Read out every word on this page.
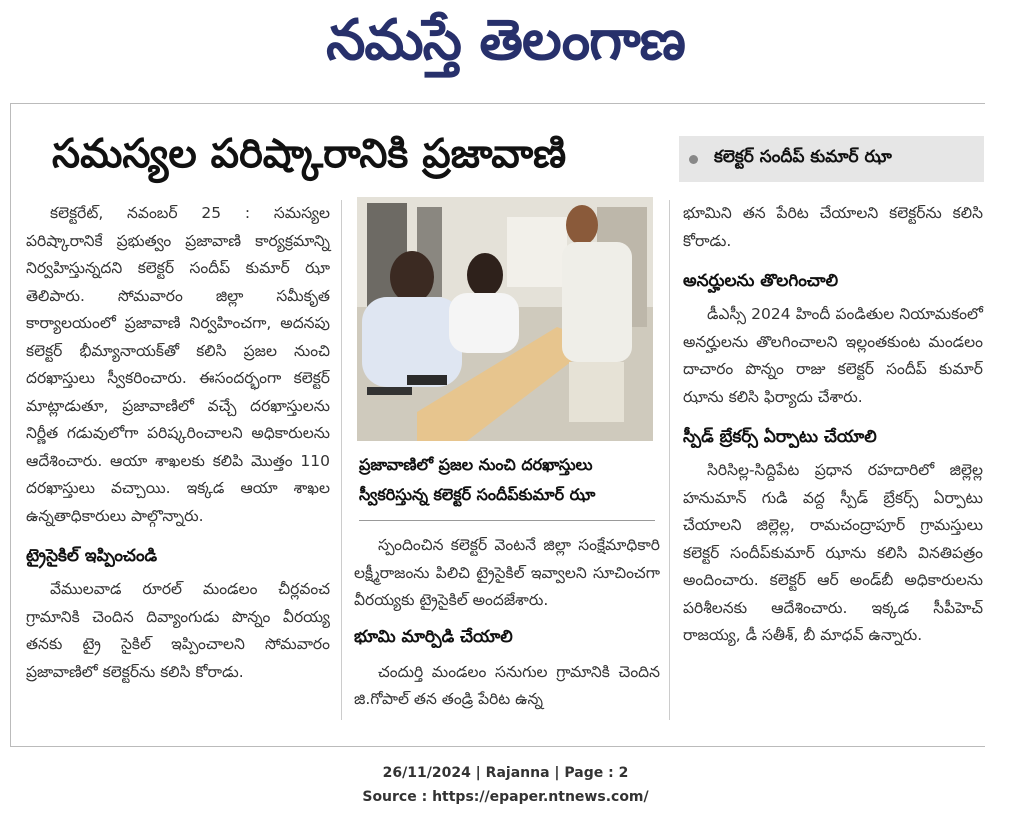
నమస్తే తెలంగాణ
సమస్యల పరిష్కారానికి ప్రజావాణి	కలెక్టర్ సందీప్ కుమార్ ఝా

కలెక్టరేట్, నవంబర్ 25 : సమస్యల పరిష్కారానికే ప్రభుత్వం ప్రజావాణి కార్యక్రమాన్ని నిర్వహిస్తున్నదని కలెక్టర్ సందీప్ కుమార్ ఝా తెలిపారు. సోమవారం జిల్లా సమీకృత కార్యాలయంలో ప్రజావాణి నిర్వహించగా, అదనపు కలెక్టర్ భీమ్యానాయక్‌తో కలిసి ప్రజల నుంచి దరఖాస్తులు స్వీకరించారు. ఈసందర్భంగా కలెక్టర్ మాట్లాడుతూ, ప్రజావాణిలో వచ్చే దరఖాస్తులను నిర్ణీత గడువులోగా పరిష్కరించాలని అధికారులను ఆదేశించారు. ఆయా శాఖలకు కలిపి మొత్తం 110 దరఖాస్తులు వచ్చాయి. ఇక్కడ ఆయా శాఖల ఉన్నతాధికారులు పాల్గొన్నారు.

ట్రైసైకిల్ ఇప్పించండి

వేములవాడ రూరల్ మండలం చీర్లవంచ గ్రామానికి చెందిన దివ్యాంగుడు పొన్నం వీరయ్య తనకు ట్రై సైకిల్ ఇప్పించాలని సోమవారం ప్రజావాణిలో కలెక్టర్‌ను కలిసి కోరాడు.

ప్రజావాణిలో ప్రజల నుంచి దరఖాస్తులు స్వీకరిస్తున్న కలెక్టర్ సందీప్‌కుమార్ ఝా

స్పందించిన కలెక్టర్ వెంటనే జిల్లా సంక్షేమాధికారి లక్ష్మీరాజంను పిలిచి ట్రైసైకిల్ ఇవ్వాలని సూచించగా వీరయ్యకు ట్రైసైకిల్ అందజేశారు.

భూమి మార్పిడి చేయాలి

చందుర్తి మండలం సనుగుల గ్రామానికి చెందిన జి.గోపాల్ తన తండ్రి పేరిట ఉన్న

భూమిని తన పేరిట చేయాలని కలెక్టర్‌ను కలిసి కోరాడు.

అనర్హులను తొలగించాలి

డీఎస్సీ 2024 హిందీ పండితుల నియామకంలో అనర్హులను తొలగించాలని ఇల్లంతకుంట మండలం దాచారం పొన్నం రాజు కలెక్టర్ సందీప్ కుమార్ ఝాను కలిసి ఫిర్యాదు చేశారు.

స్పీడ్ బ్రేకర్స్ ఏర్పాటు చేయాలి

సిరిసిల్ల-సిద్దిపేట ప్రధాన రహదారిలో జిల్లెల్ల హనుమాన్ గుడి వద్ద స్పీడ్ బ్రేకర్స్ ఏర్పాటు చేయాలని జిల్లెల్ల, రామచంద్రాపూర్ గ్రామస్తులు కలెక్టర్ సందీప్‌కుమార్ ఝాను కలిసి వినతిపత్రం అందించారు. కలెక్టర్ ఆర్ అండ్‌బీ అధికారులను పరిశీలనకు ఆదేశించారు. ఇక్కడ సీపీహెచ్ రాజయ్య, డీ సతీశ్, బీ మాధవ్ ఉన్నారు.

26/11/2024 | Rajanna | Page : 2
Source : https://epaper.ntnews.com/
